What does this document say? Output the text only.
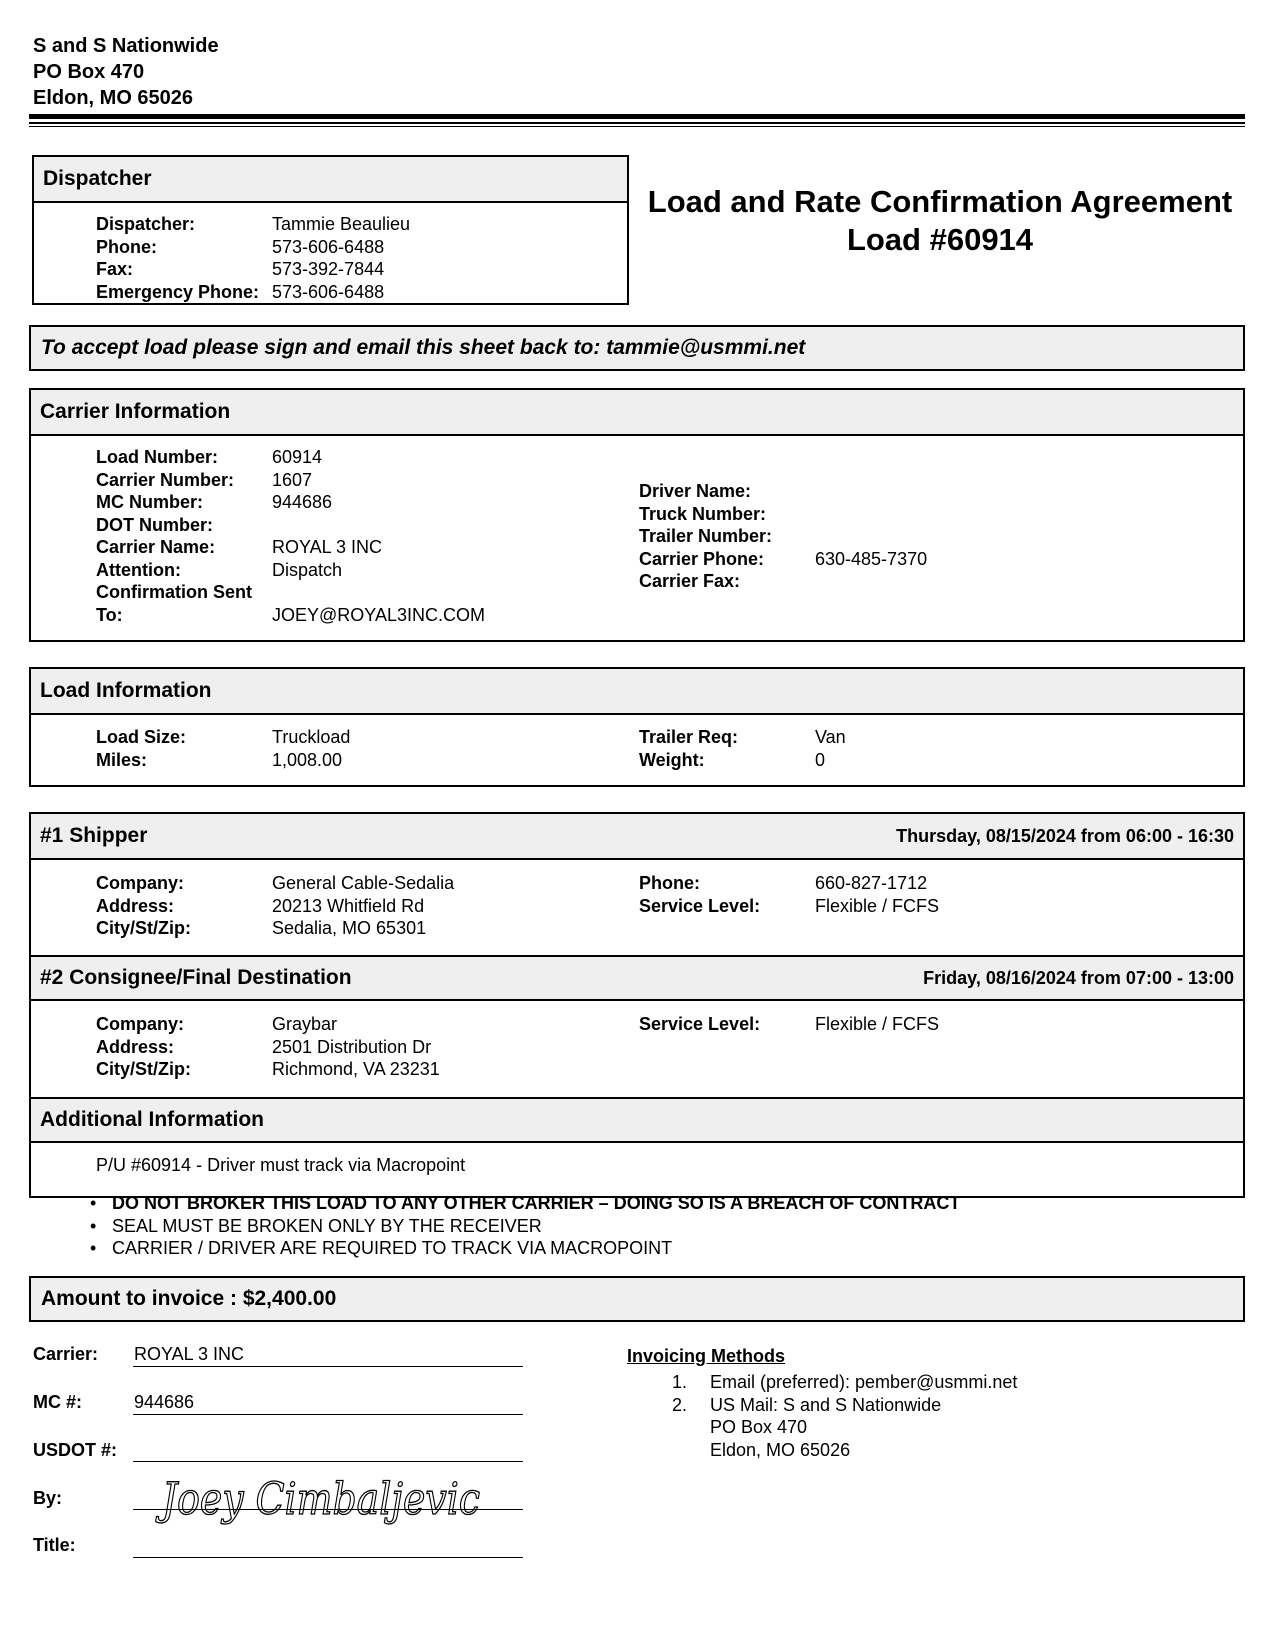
S and S Nationwide
PO Box 470
Eldon, MO 65026
Dispatcher
Dispatcher:	Tammie Beaulieu
Phone:	573-606-6488
Fax:	573-392-7844
Emergency Phone: 573-606-6488
Load and Rate Confirmation Agreement
Load #60914
To accept load please sign and email this sheet back to: tammie@usmmi.net
Carrier Information
Load Number:	60914
Carrier Number:	1607
MC Number:	944686
DOT Number:
Carrier Name:	ROYAL 3 INC
Attention:	Dispatch
Confirmation Sent
To:	JOEY@ROYAL3INC.COM
Driver Name:
Truck Number:
Trailer Number:
Carrier Phone:	630-485-7370
Carrier Fax:
Load Information
Load Size:	Truckload
Miles:	1,008.00
Trailer Req:	Van
Weight:	0
#1 Shipper	Thursday, 08/15/2024 from 06:00 - 16:30
Company:	General Cable-Sedalia
Address:	20213 Whitfield Rd
City/St/Zip:	Sedalia, MO 65301
Phone:	660-827-1712
Service Level:	Flexible / FCFS
#2 Consignee/Final Destination	Friday, 08/16/2024 from 07:00 - 13:00
Company:	Graybar
Address:	2501 Distribution Dr
City/St/Zip:	Richmond, VA 23231
Service Level:	Flexible / FCFS
Additional Information
P/U #60914 - Driver must track via Macropoint
• DO NOT BROKER THIS LOAD TO ANY OTHER CARRIER – DOING SO IS A BREACH OF CONTRACT
• SEAL MUST BE BROKEN ONLY BY THE RECEIVER
• CARRIER / DRIVER ARE REQUIRED TO TRACK VIA MACROPOINT
Amount to invoice : $2,400.00
Carrier: ROYAL 3 INC
MC #:	944686
USDOT #:
By: Joey Cimbaljevic
Title:
Invoicing Methods
1.	Email (preferred): pember@usmmi.net
2.	US Mail: S and S Nationwide
PO Box 470
Eldon, MO 65026
